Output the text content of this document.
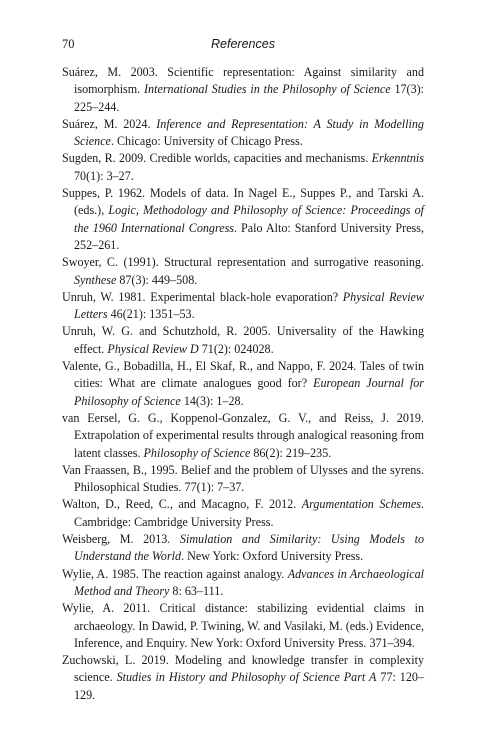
70	References

Suárez, M. 2003. Scientific representation: Against similarity and isomorphism. International Studies in the Philosophy of Science 17(3): 225–244.

Suárez, M. 2024. Inference and Representation: A Study in Modelling Science. Chicago: University of Chicago Press.

Sugden, R. 2009. Credible worlds, capacities and mechanisms. Erkenntnis 70(1): 3–27.

Suppes, P. 1962. Models of data. In Nagel E., Suppes P., and Tarski A. (eds.), Logic, Methodology and Philosophy of Science: Proceedings of the 1960 International Congress. Palo Alto: Stanford University Press, 252–261.

Swoyer, C. (1991). Structural representation and surrogative reasoning. Synthese 87(3): 449–508.

Unruh, W. 1981. Experimental black-hole evaporation? Physical Review Letters 46(21): 1351–53.

Unruh, W. G. and Schutzhold, R. 2005. Universality of the Hawking effect. Physical Review D 71(2): 024028.

Valente, G., Bobadilla, H., El Skaf, R., and Nappo, F. 2024. Tales of twin cities: What are climate analogues good for? European Journal for Philosophy of Science 14(3): 1–28.

van Eersel, G. G., Koppenol-Gonzalez, G. V., and Reiss, J. 2019. Extrapolation of experimental results through analogical reasoning from latent classes. Philosophy of Science 86(2): 219–235.

Van Fraassen, B., 1995. Belief and the problem of Ulysses and the syrens. Philosophical Studies. 77(1): 7–37.

Walton, D., Reed, C., and Macagno, F. 2012. Argumentation Schemes. Cambridge: Cambridge University Press.

Weisberg, M. 2013. Simulation and Similarity: Using Models to Understand the World. New York: Oxford University Press.

Wylie, A. 1985. The reaction against analogy. Advances in Archaeological Method and Theory 8: 63–111.

Wylie, A. 2011. Critical distance: stabilizing evidential claims in archaeology. In Dawid, P. Twining, W. and Vasilaki, M. (eds.) Evidence, Inference, and Enquiry. New York: Oxford University Press. 371–394.

Zuchowski, L. 2019. Modeling and knowledge transfer in complexity science. Studies in History and Philosophy of Science Part A 77: 120–129.
